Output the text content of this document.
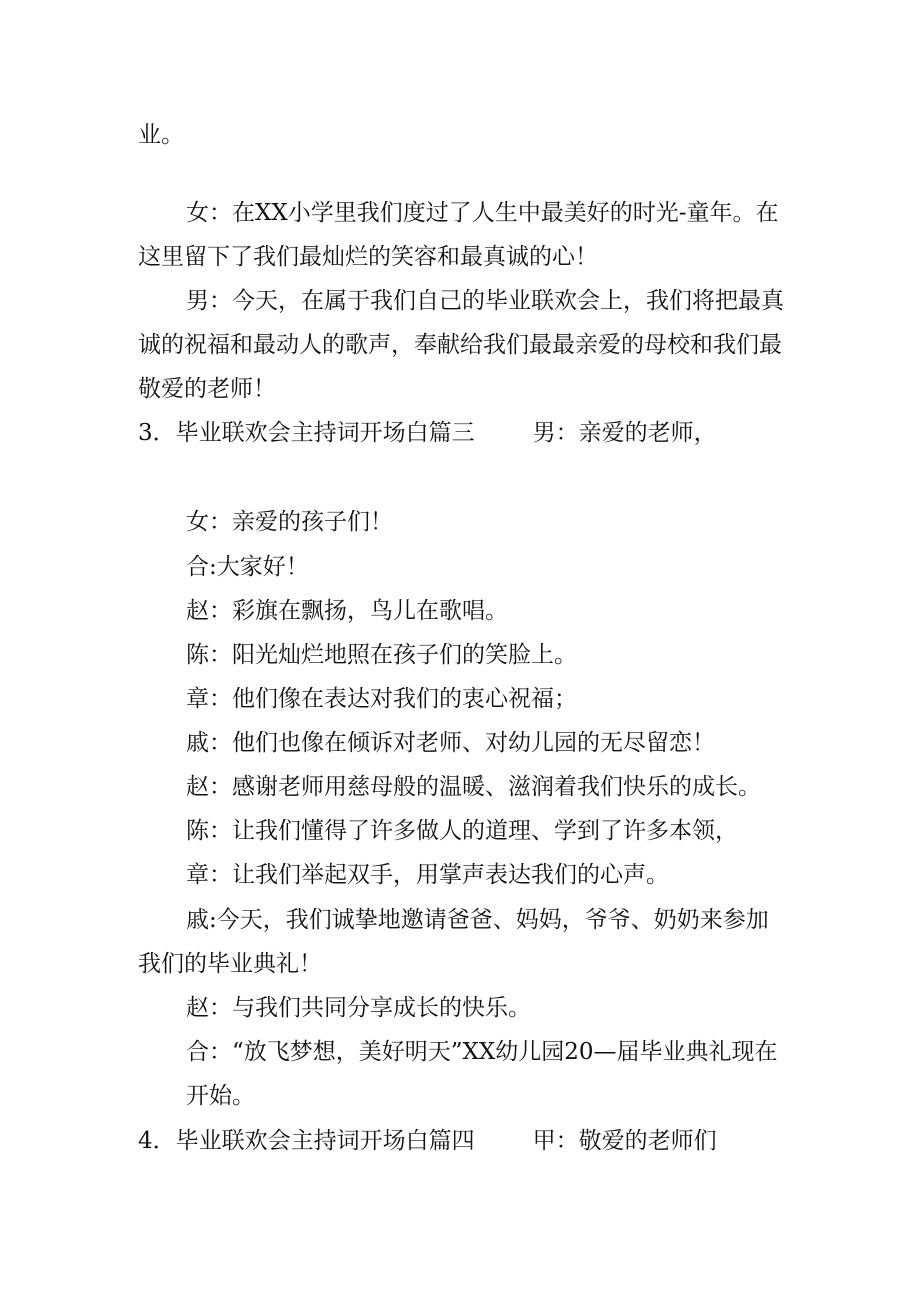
业。
女：在XX小学里我们度过了人生中最美好的时光-童年。在
这里留下了我们最灿烂的笑容和最真诚的心！
男：今天，在属于我们自己的毕业联欢会上，我们将把最真
诚的祝福和最动人的歌声，奉献给我们最最亲爱的母校和我们最
敬爱的老师！
3．毕业联欢会主持词开场白篇三	男：亲爱的老师，
女：亲爱的孩子们！
合:大家好！
赵：彩旗在飘扬，鸟儿在歌唱。
陈：阳光灿烂地照在孩子们的笑脸上。
章：他们像在表达对我们的衷心祝福；
戚：他们也像在倾诉对老师、对幼儿园的无尽留恋！
赵：感谢老师用慈母般的温暖、滋润着我们快乐的成长。
陈：让我们懂得了许多做人的道理、学到了许多本领，
章：让我们举起双手，用掌声表达我们的心声。
戚:今天，我们诚挚地邀请爸爸、妈妈，爷爷、奶奶来参加
我们的毕业典礼！
赵：与我们共同分享成长的快乐。
合：“放飞梦想，美好明天”XX幼儿园20—届毕业典礼现在
开始。
4．毕业联欢会主持词开场白篇四	甲：敬爱的老师们
